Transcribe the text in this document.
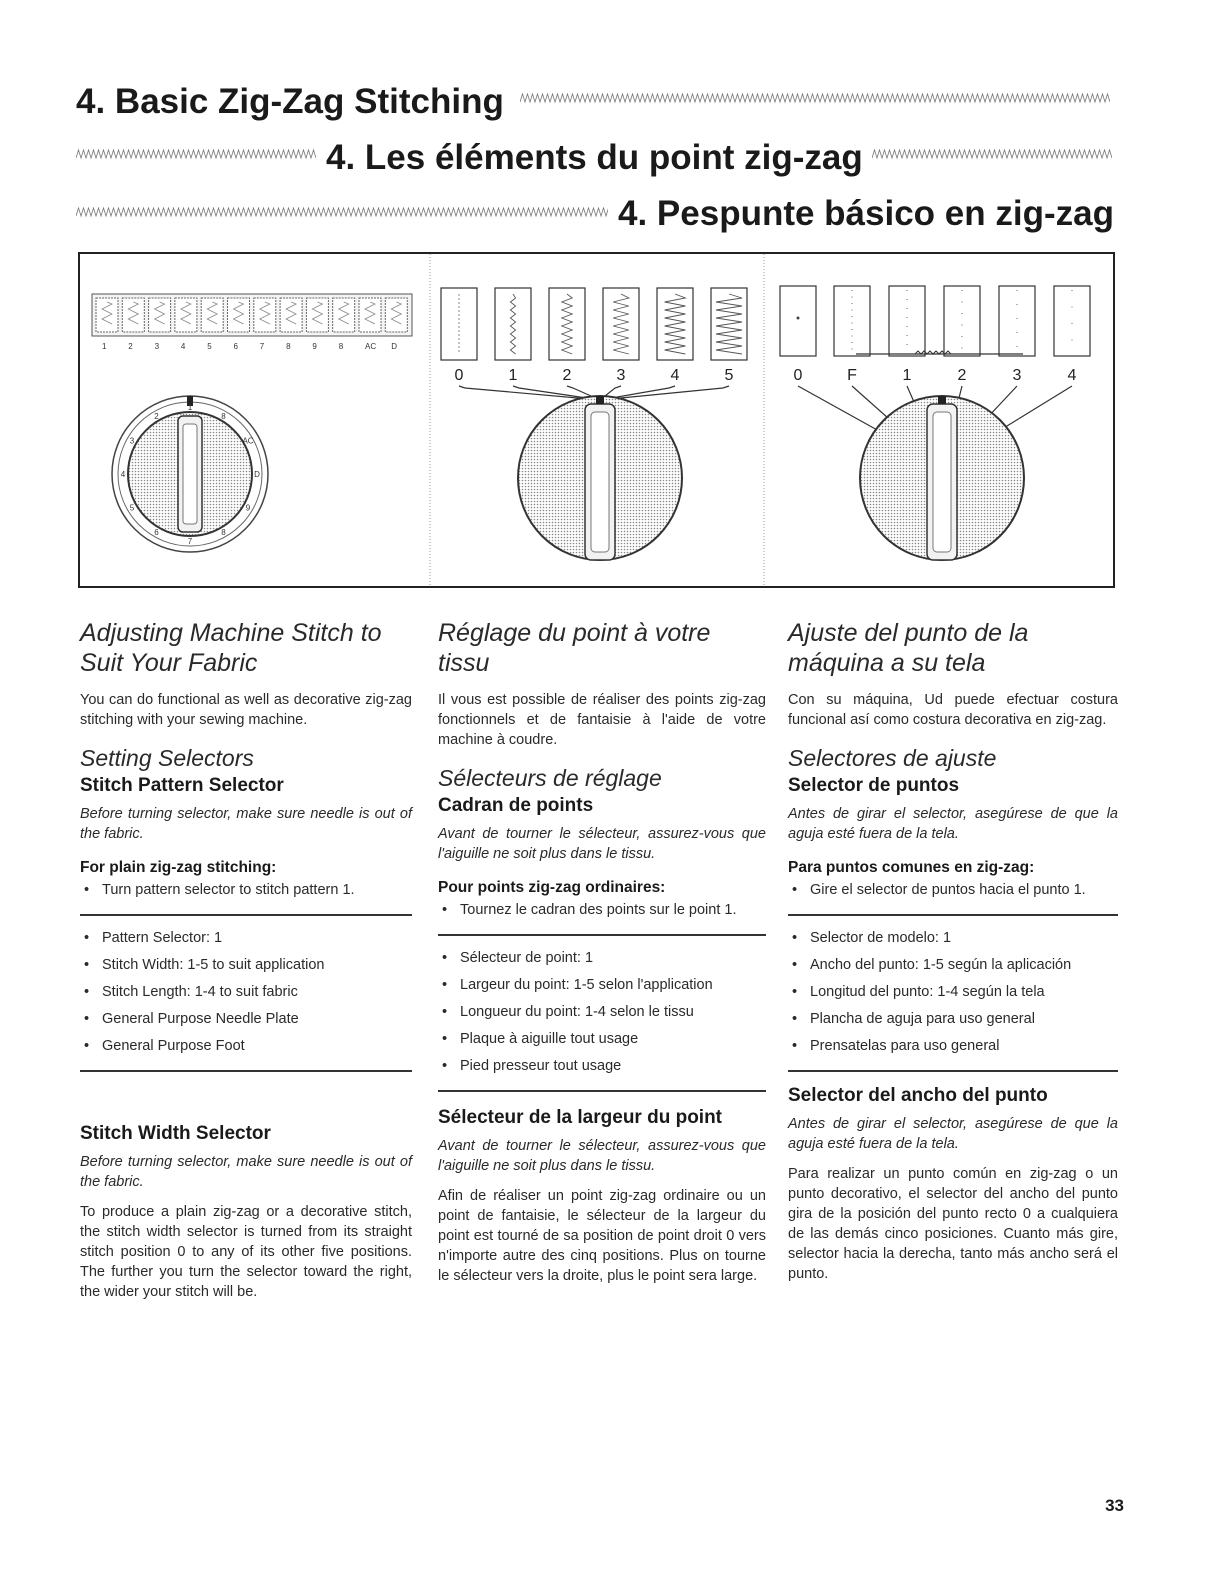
4. Basic Zig-Zag Stitching
4. Les éléments du point zig-zag
4. Pespunte básico en zig-zag
1	2	3	4	5	6	7	8	9	8	AC D
1
8
AC
D
9
8
7
6
5
4
3
2
0	1	2	3	4	5	0	F	1	2	3	4
Adjusting Machine Stitch to Suit Your Fabric

You can do functional as well as decorative zig-zag stitching with your sewing machine.

Setting Selectors
Stitch Pattern Selector

Before turning selector, make sure needle is out of the fabric.

For plain zig-zag stitching:
• Turn pattern selector to stitch pattern 1.
• Pattern Selector: 1
• Stitch Width: 1-5 to suit application
• Stitch Length: 1-4 to suit fabric
• General Purpose Needle Plate
• General Purpose Foot
Stitch Width Selector

Before turning selector, make sure needle is out of the fabric.

To produce a plain zig-zag or a decorative stitch, the stitch width selector is turned from its straight stitch position 0 to any of its other five positions. The further you turn the selector toward the right, the wider your stitch will be.

Réglage du point à votre tissu

Il vous est possible de réaliser des points zig-zag fonctionnels et de fantaisie à l'aide de votre machine à coudre.

Sélecteurs de réglage
Cadran de points

Avant de tourner le sélecteur, assurez-vous que l'aiguille ne soit plus dans le tissu.

Pour points zig-zag ordinaires:
• Tournez le cadran des points sur le point 1.
• Sélecteur de point: 1
• Largeur du point: 1-5 selon l'application
• Longueur du point: 1-4 selon le tissu
• Plaque à aiguille tout usage
• Pied presseur tout usage
Sélecteur de la largeur du point

Avant de tourner le sélecteur, assurez-vous que l'aiguille ne soit plus dans le tissu.

Afin de réaliser un point zig-zag ordinaire ou un point de fantaisie, le sélecteur de la largeur du point est tourné de sa position de point droit 0 vers n'importe autre des cinq positions. Plus on tourne le sélecteur vers la droite, plus le point sera large.

Ajuste del punto de la máquina a su tela

Con su máquina, Ud puede efectuar costura funcional así como costura decorativa en zig-zag.

Selectores de ajuste
Selector de puntos

Antes de girar el selector, asegúrese de que la aguja esté fuera de la tela.

Para puntos comunes en zig-zag:
• Gire el selector de puntos hacia el punto 1.
• Selector de modelo: 1
• Ancho del punto: 1-5 según la aplicación
• Longitud del punto: 1-4 según la tela
• Plancha de aguja para uso general
• Prensatelas para uso general
Selector del ancho del punto

Antes de girar el selector, asegúrese de que la aguja esté fuera de la tela.

Para realizar un punto común en zig-zag o un punto decorativo, el selector del ancho del punto gira de la posición del punto recto 0 a cualquiera de las demás cinco posiciones. Cuanto más gire, selector hacia la derecha, tanto más ancho será el punto.

33
